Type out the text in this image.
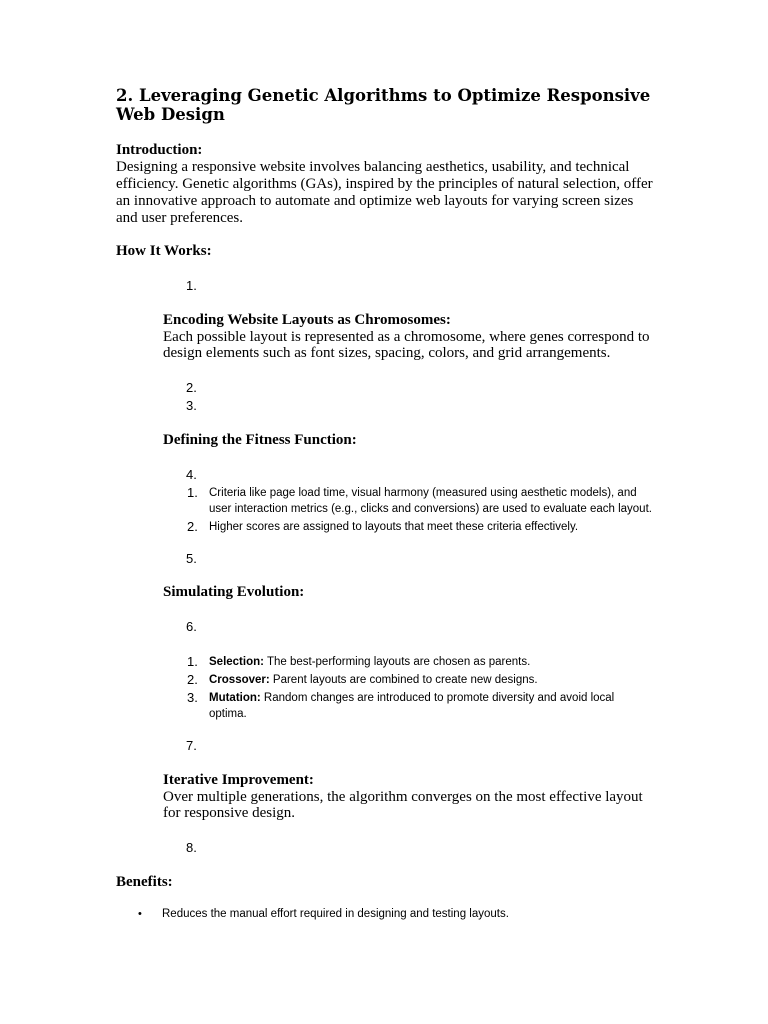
2. Leveraging Genetic Algorithms to Optimize Responsive Web Design
Introduction:
Designing a responsive website involves balancing aesthetics, usability, and technical efficiency. Genetic algorithms (GAs), inspired by the principles of natural selection, offer an innovative approach to automate and optimize web layouts for varying screen sizes and user preferences.
How It Works:
1.
Encoding Website Layouts as Chromosomes:
Each possible layout is represented as a chromosome, where genes correspond to design elements such as font sizes, spacing, colors, and grid arrangements.
2.
3.
Defining the Fitness Function:
4.
1. Criteria like page load time, visual harmony (measured using aesthetic models), and user interaction metrics (e.g., clicks and conversions) are used to evaluate each layout.
2. Higher scores are assigned to layouts that meet these criteria effectively.
5.
Simulating Evolution:
6.
1. Selection: The best-performing layouts are chosen as parents.
2. Crossover: Parent layouts are combined to create new designs.
3. Mutation: Random changes are introduced to promote diversity and avoid local optima.
7.
Iterative Improvement:
Over multiple generations, the algorithm converges on the most effective layout for responsive design.
8.
Benefits:
• Reduces the manual effort required in designing and testing layouts.
